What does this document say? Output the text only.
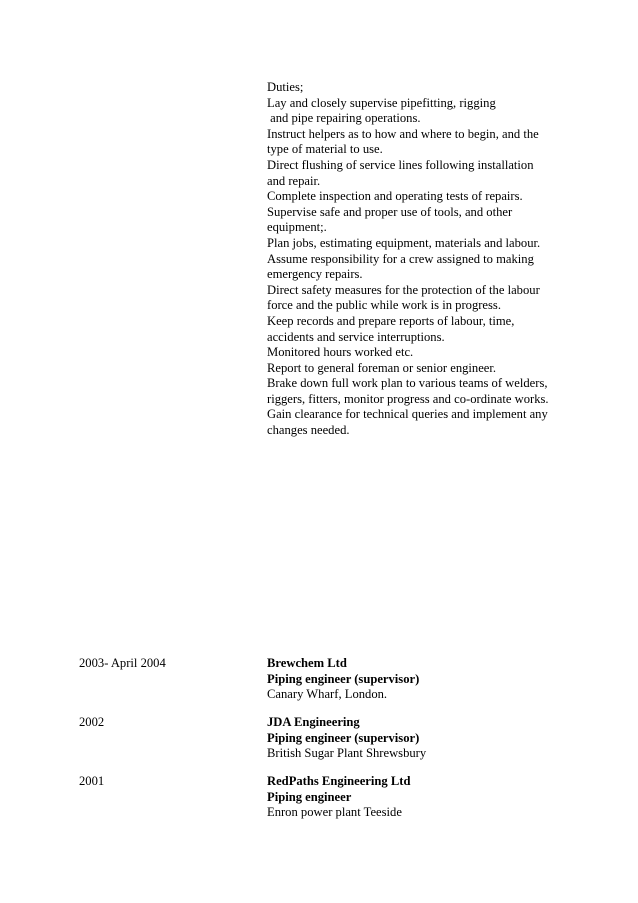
Duties;
Lay and closely supervise pipefitting, rigging
and pipe repairing operations.
Instruct helpers as to how and where to begin, and the
type of material to use.
Direct flushing of service lines following installation
and repair.
Complete inspection and operating tests of repairs.
Supervise safe and proper use of tools, and other
equipment;.
Plan jobs, estimating equipment, materials and labour.
Assume responsibility for a crew assigned to making
emergency repairs.
Direct safety measures for the protection of the labour
force and the public while work is in progress.
Keep records and prepare reports of labour, time,
accidents and service interruptions.
Monitored hours worked etc.
Report to general foreman or senior engineer.
Brake down full work plan to various teams of welders,
riggers, fitters, monitor progress and co-ordinate works.
Gain clearance for technical queries and implement any
changes needed.
2003- April 2004	Brewchem Ltd
Piping engineer (supervisor)
Canary Wharf, London.
2002	JDA Engineering
Piping engineer (supervisor)
British Sugar Plant Shrewsbury
2001	RedPaths Engineering Ltd
Piping engineer
Enron power plant Teeside
